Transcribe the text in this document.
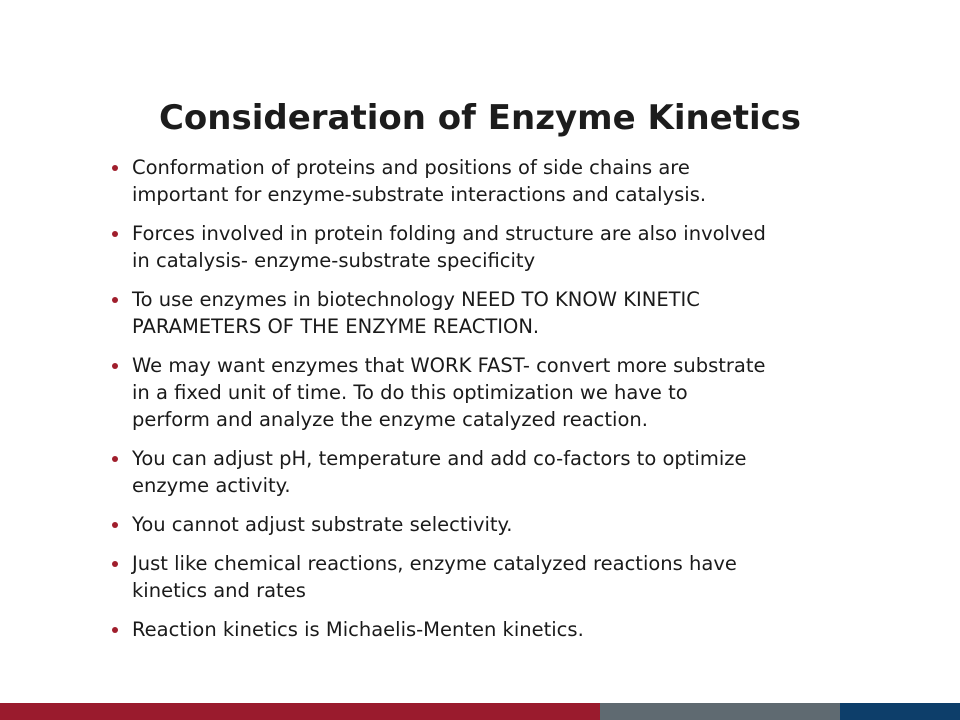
Consideration of Enzyme Kinetics
Conformation of proteins and positions of side chains are
important for enzyme-substrate interactions and catalysis.
Forces involved in protein folding and structure are also involved
in catalysis- enzyme-substrate specificity
To use enzymes in biotechnology NEED TO KNOW KINETIC
PARAMETERS OF THE ENZYME REACTION.
We may want enzymes that WORK FAST- convert more substrate
in a fixed unit of time. To do this optimization we have to
perform and analyze the enzyme catalyzed reaction.
You can adjust pH, temperature and add co-factors to optimize
enzyme activity.
You cannot adjust substrate selectivity.
Just like chemical reactions, enzyme catalyzed reactions have
kinetics and rates
Reaction kinetics is Michaelis-Menten kinetics.
